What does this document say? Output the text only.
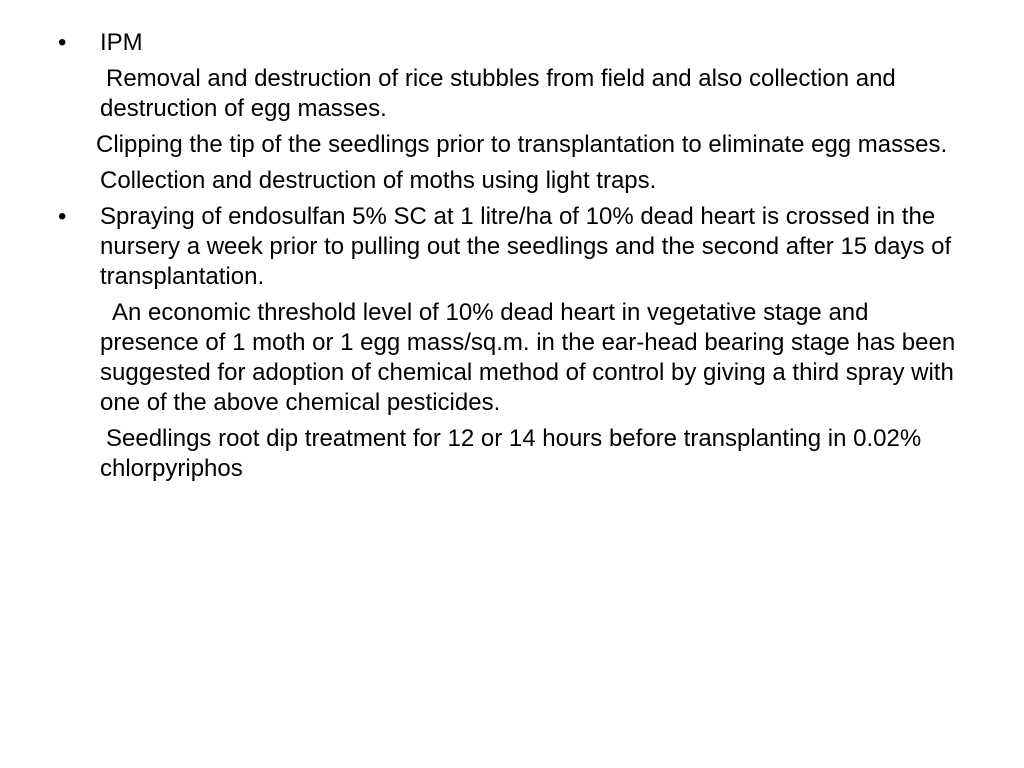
•	IPM
Removal and destruction of rice stubbles from field and also collection and destruction of egg masses.
Clipping the tip of the seedlings prior to transplantation to eliminate egg masses.
Collection and destruction of moths using light traps.
•	Spraying of endosulfan 5% SC at 1 litre/ha of 10% dead heart is crossed in the nursery a week prior to pulling out the seedlings and the second after 15 days of transplantation.
An economic threshold level of 10% dead heart in vegetative stage and presence of 1 moth or 1 egg mass/sq.m. in the ear-head bearing stage has been suggested for adoption of chemical method of control by giving a third spray with one of the above chemical pesticides.
Seedlings root dip treatment for 12 or 14 hours before transplanting in 0.02% chlorpyriphos
